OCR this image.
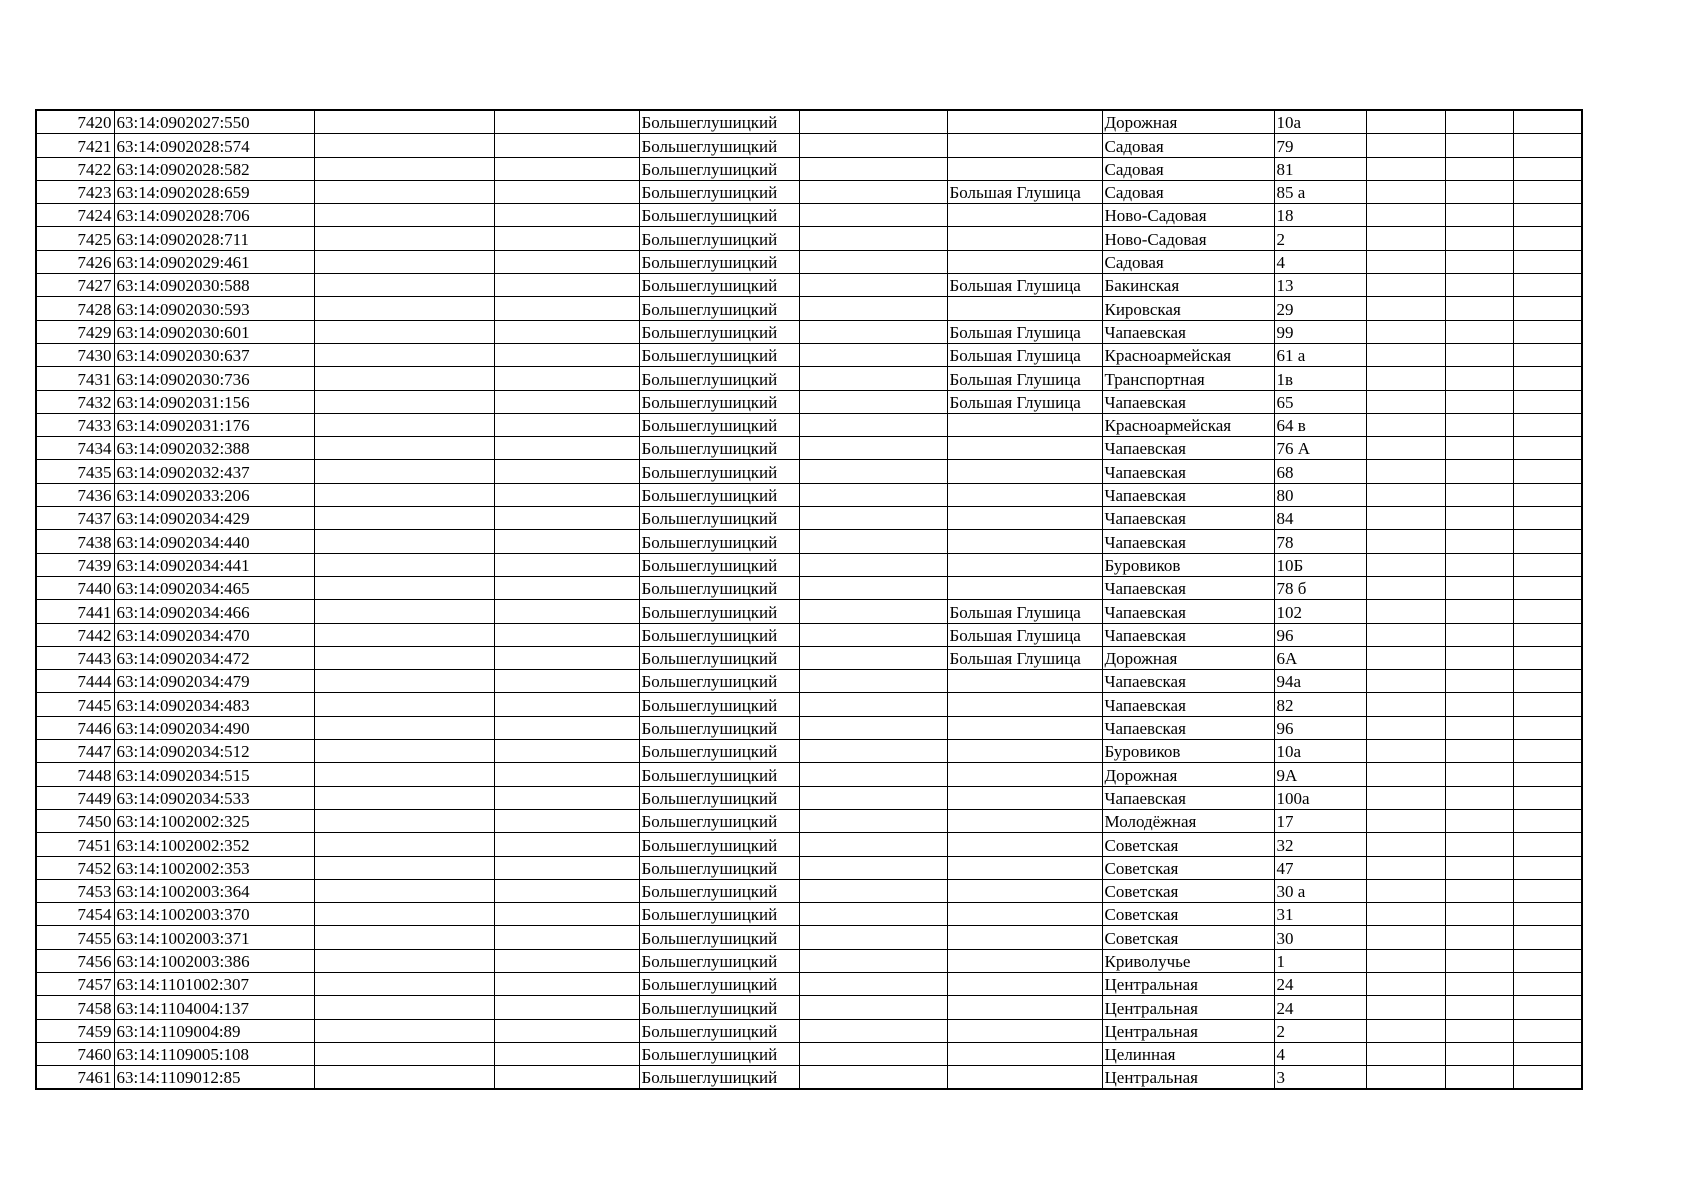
7420	63:14:0902027:550			Большеглушицкий			Дорожная	10а			
7421	63:14:0902028:574			Большеглушицкий			Садовая	79			
7422	63:14:0902028:582			Большеглушицкий			Садовая	81			
7423	63:14:0902028:659			Большеглушицкий		Большая Глушица	Садовая	85 а			
7424	63:14:0902028:706			Большеглушицкий			Ново-Садовая	18			
7425	63:14:0902028:711			Большеглушицкий			Ново-Садовая	2			
7426	63:14:0902029:461			Большеглушицкий			Садовая	4			
7427	63:14:0902030:588			Большеглушицкий		Большая Глушица	Бакинская	13			
7428	63:14:0902030:593			Большеглушицкий			Кировская	29			
7429	63:14:0902030:601			Большеглушицкий		Большая Глушица	Чапаевская	99			
7430	63:14:0902030:637			Большеглушицкий		Большая Глушица	Красноармейская	61 а			
7431	63:14:0902030:736			Большеглушицкий		Большая Глушица	Транспортная	1в			
7432	63:14:0902031:156			Большеглушицкий		Большая Глушица	Чапаевская	65			
7433	63:14:0902031:176			Большеглушицкий			Красноармейская	64 в			
7434	63:14:0902032:388			Большеглушицкий			Чапаевская	76 А			
7435	63:14:0902032:437			Большеглушицкий			Чапаевская	68			
7436	63:14:0902033:206			Большеглушицкий			Чапаевская	80			
7437	63:14:0902034:429			Большеглушицкий			Чапаевская	84			
7438	63:14:0902034:440			Большеглушицкий			Чапаевская	78			
7439	63:14:0902034:441			Большеглушицкий			Буровиков	10Б			
7440	63:14:0902034:465			Большеглушицкий			Чапаевская	78 б			
7441	63:14:0902034:466			Большеглушицкий		Большая Глушица	Чапаевская	102			
7442	63:14:0902034:470			Большеглушицкий		Большая Глушица	Чапаевская	96			
7443	63:14:0902034:472			Большеглушицкий		Большая Глушица	Дорожная	6А			
7444	63:14:0902034:479			Большеглушицкий			Чапаевская	94а			
7445	63:14:0902034:483			Большеглушицкий			Чапаевская	82			
7446	63:14:0902034:490			Большеглушицкий			Чапаевская	96			
7447	63:14:0902034:512			Большеглушицкий			Буровиков	10а			
7448	63:14:0902034:515			Большеглушицкий			Дорожная	9А			
7449	63:14:0902034:533			Большеглушицкий			Чапаевская	100а			
7450	63:14:1002002:325			Большеглушицкий			Молодёжная	17			
7451	63:14:1002002:352			Большеглушицкий			Советская	32			
7452	63:14:1002002:353			Большеглушицкий			Советская	47			
7453	63:14:1002003:364			Большеглушицкий			Советская	30 а			
7454	63:14:1002003:370			Большеглушицкий			Советская	31			
7455	63:14:1002003:371			Большеглушицкий			Советская	30			
7456	63:14:1002003:386			Большеглушицкий			Криволучье	1			
7457	63:14:1101002:307			Большеглушицкий			Центральная	24			
7458	63:14:1104004:137			Большеглушицкий			Центральная	24			
7459	63:14:1109004:89			Большеглушицкий			Центральная	2			
7460	63:14:1109005:108			Большеглушицкий			Целинная	4			
7461	63:14:1109012:85			Большеглушицкий			Центральная	3			
